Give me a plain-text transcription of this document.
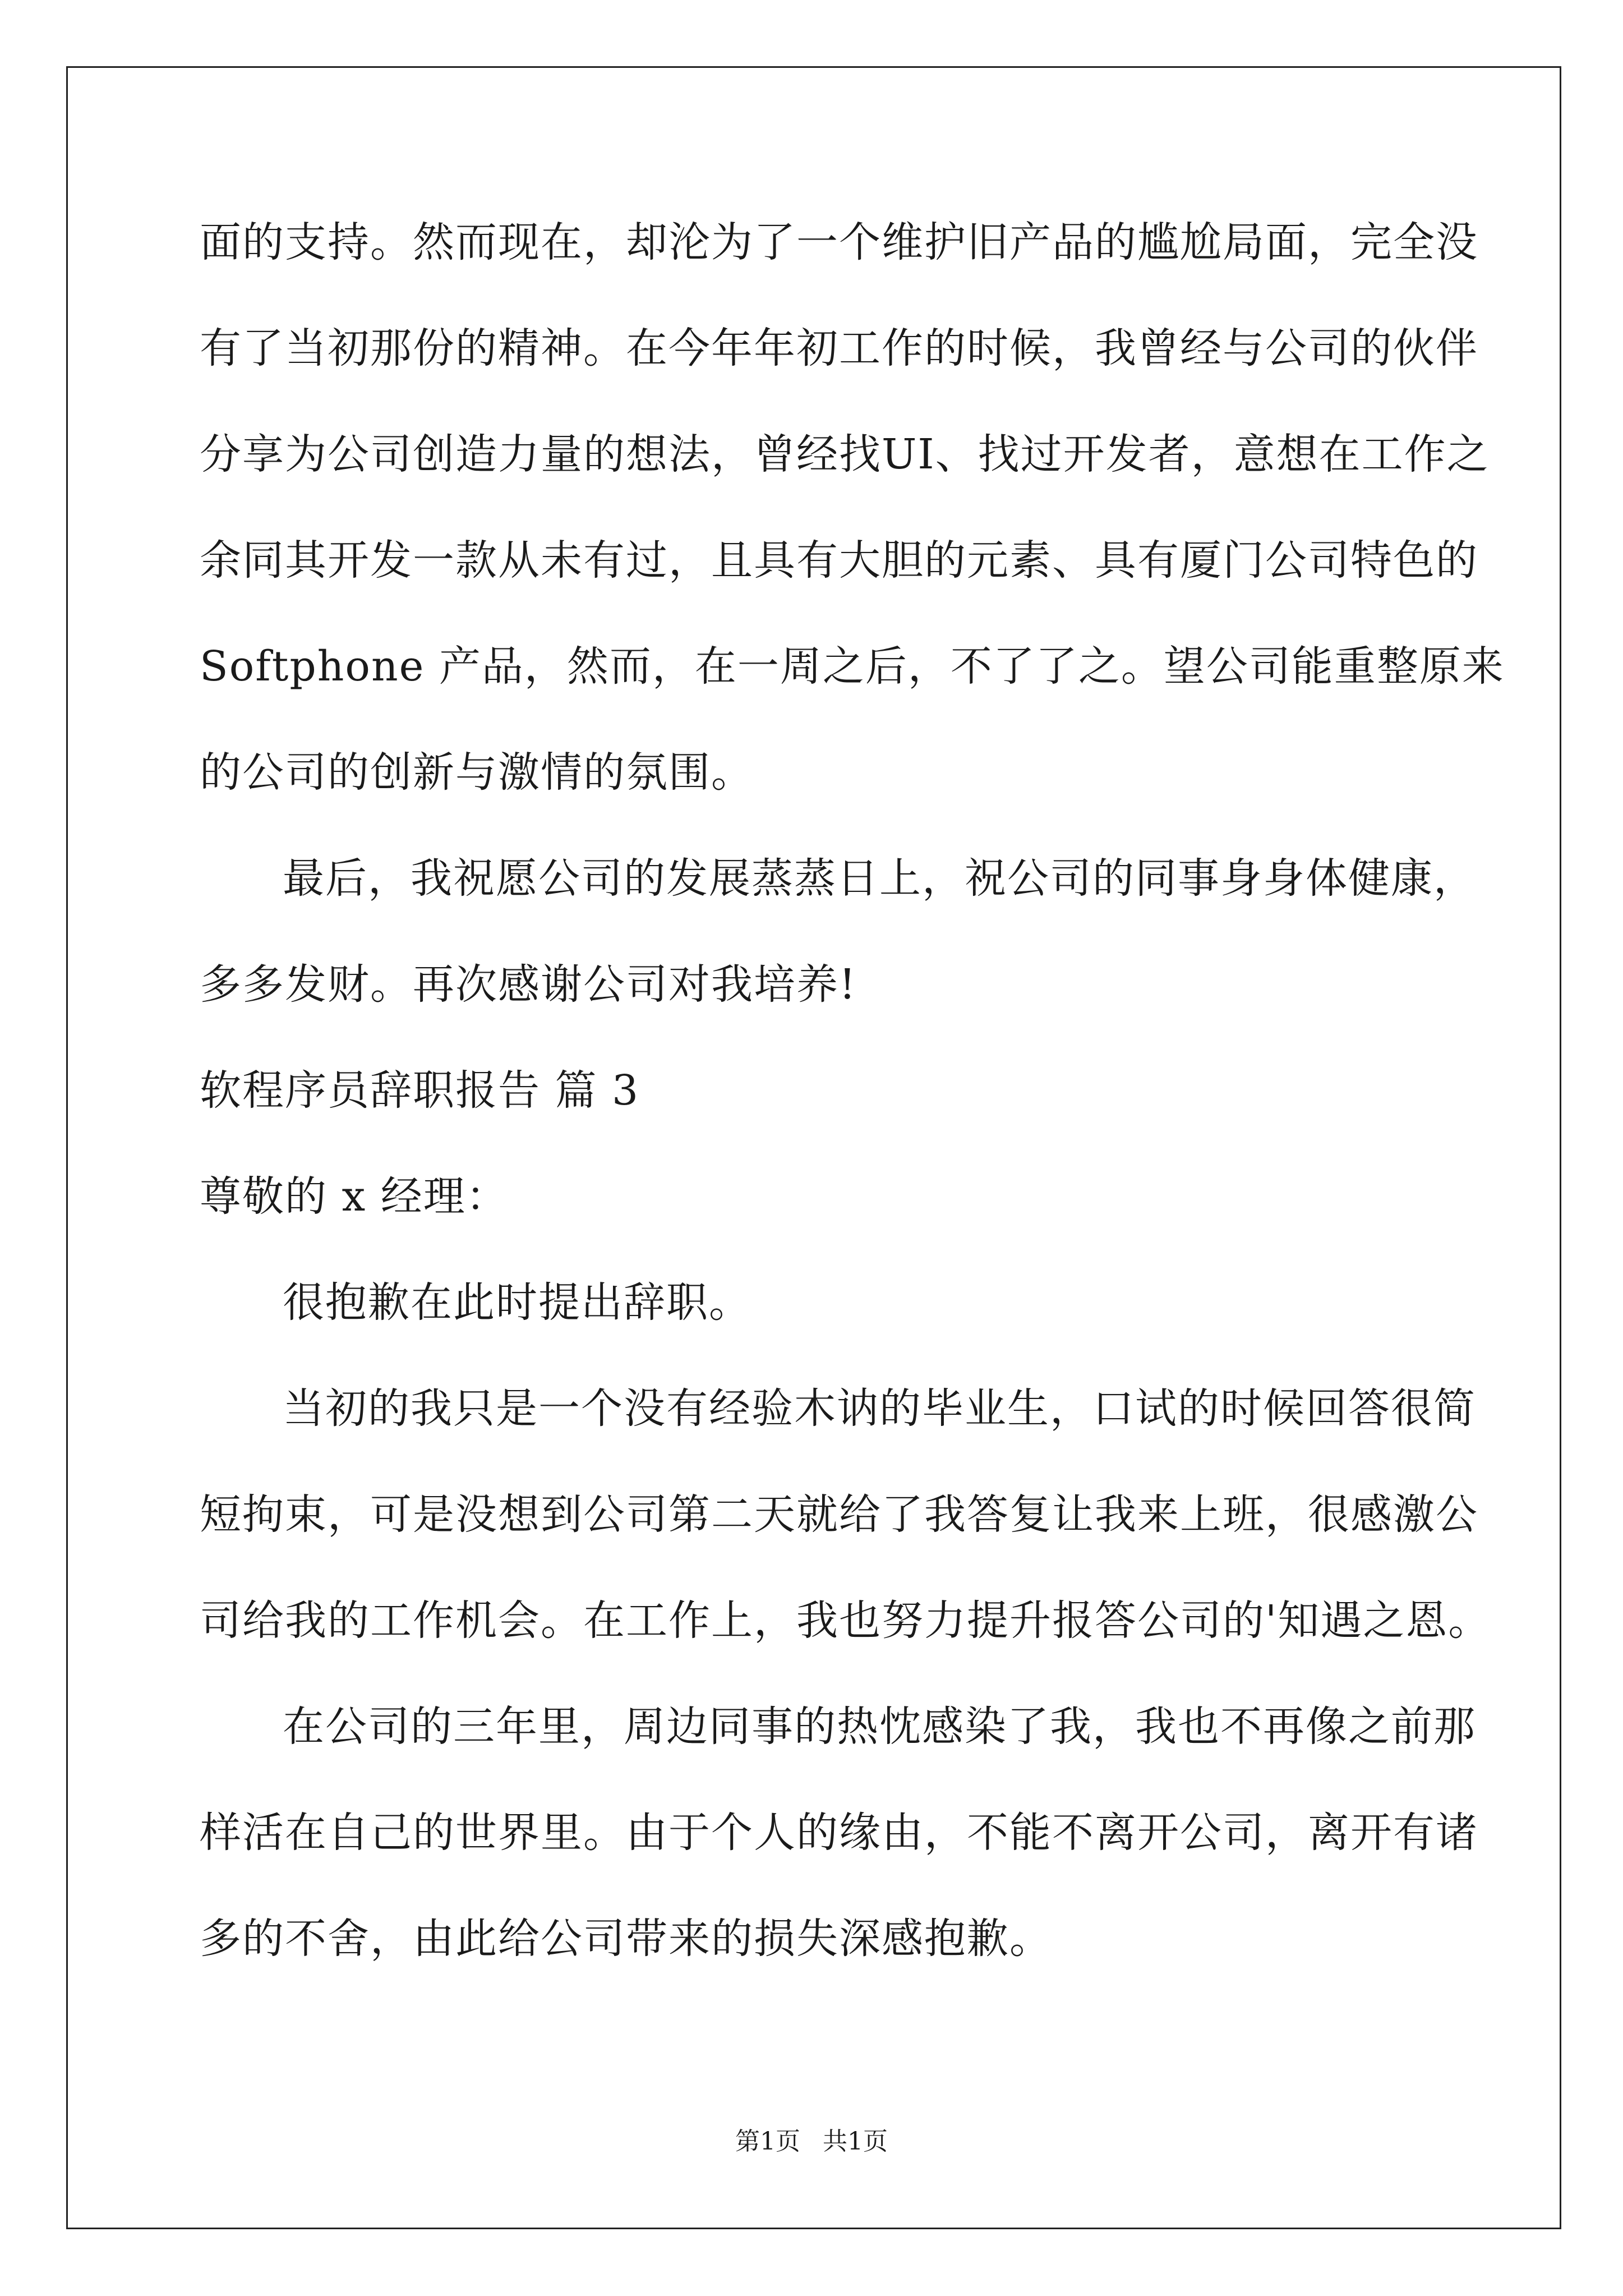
面的支持。然而现在，却沦为了一个维护旧产品的尴尬局面，完全没
有了当初那份的精神。在今年年初工作的时候，我曾经与公司的伙伴
分享为公司创造力量的想法，曾经找UI、找过开发者，意想在工作之
余同其开发一款从未有过，且具有大胆的元素、具有厦门公司特色的
Softphone 产品，然而，在一周之后，不了了之。望公司能重整原来
的公司的创新与激情的氛围。
最后，我祝愿公司的发展蒸蒸日上，祝公司的同事身身体健康，
多多发财。再次感谢公司对我培养!
软程序员辞职报告 篇 3
尊敬的 x 经理：
很抱歉在此时提出辞职。
当初的我只是一个没有经验木讷的毕业生，口试的时候回答很简
短拘束，可是没想到公司第二天就给了我答复让我来上班，很感激公
司给我的工作机会。在工作上，我也努力提升报答公司的'知遇之恩。
在公司的三年里，周边同事的热忱感染了我，我也不再像之前那
样活在自己的世界里。由于个人的缘由，不能不离开公司，离开有诸
多的不舍，由此给公司带来的损失深感抱歉。
第1页 共1页
